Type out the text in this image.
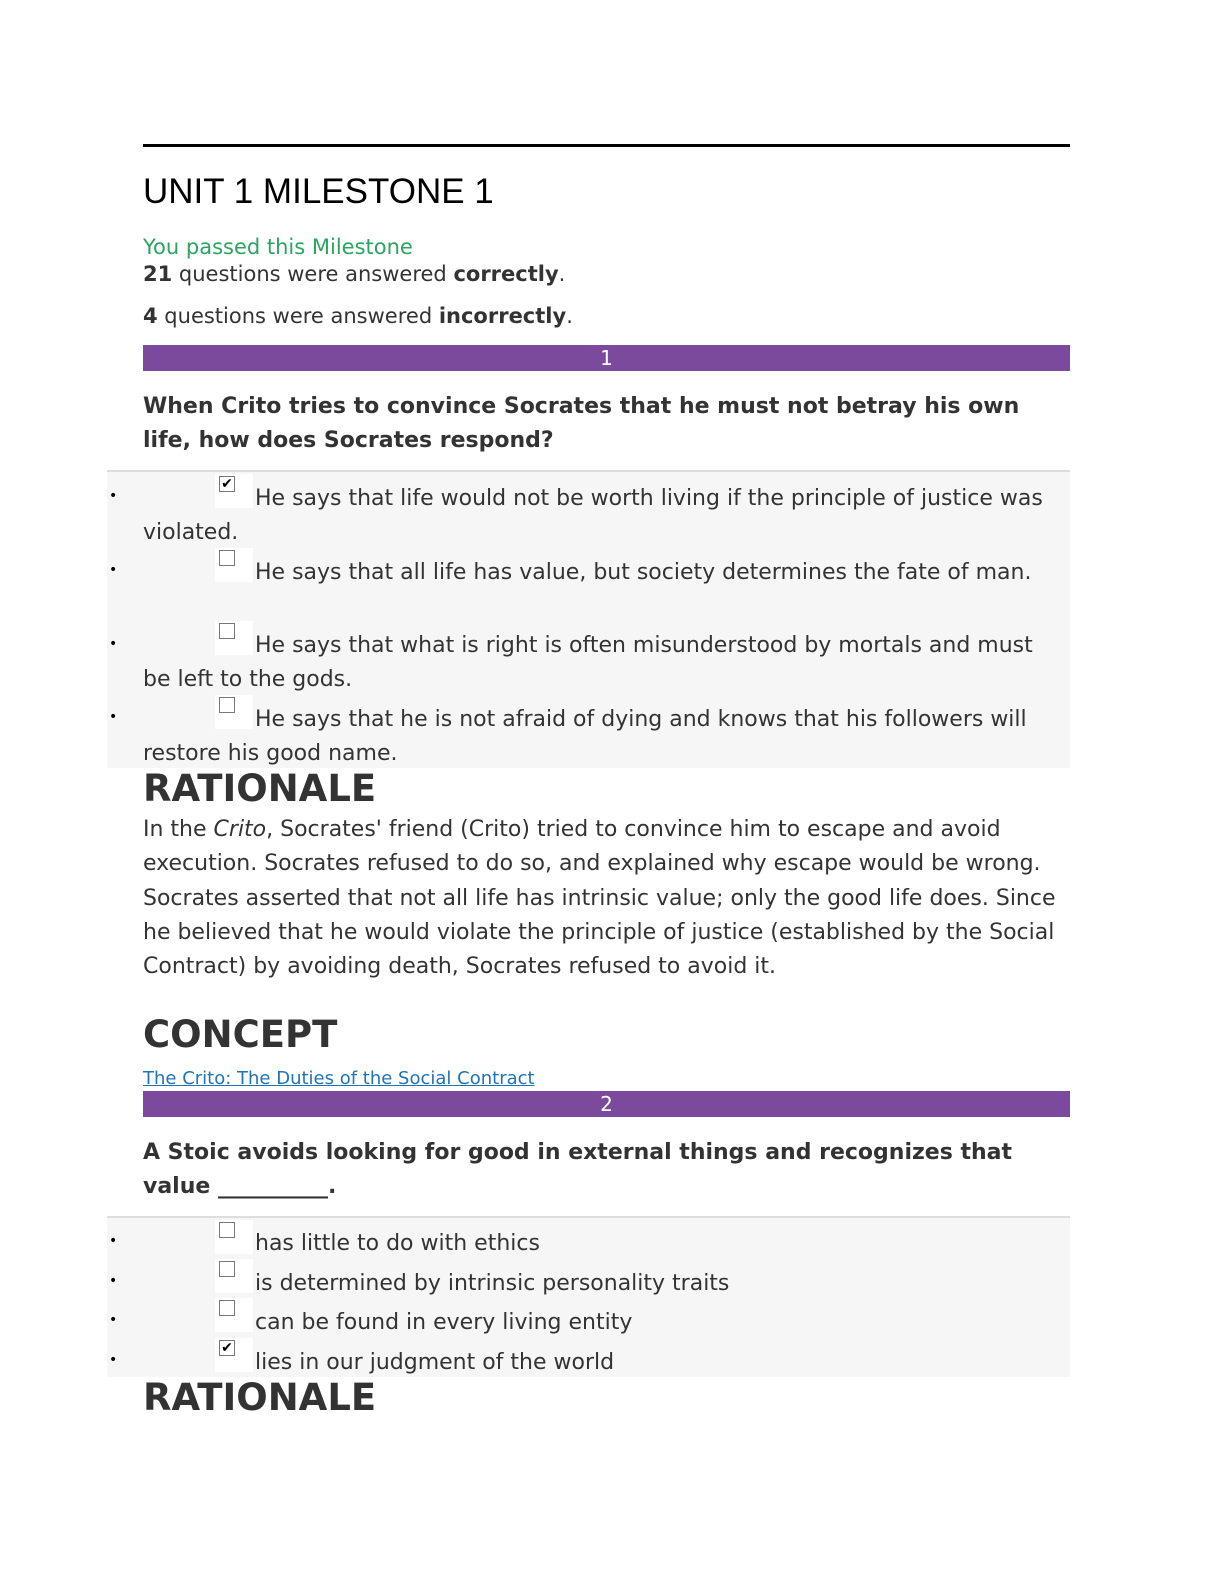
UNIT 1 MILESTONE 1
You passed this Milestone
21 questions were answered correctly.
4 questions were answered incorrectly.
1

When Crito tries to convince Socrates that he must not betray his own life, how does Socrates respond?

•
✔

He says that life would not be worth living if the principle of justice was violated.

•	He says that all life has value, but society determines the fate of man.

•	He says that what is right is often misunderstood by mortals and must be left to the gods.

•	He says that he is not afraid of dying and knows that his followers will restore his good name.

RATIONALE

In the Crito, Socrates' friend (Crito) tried to convince him to escape and avoid execution. Socrates refused to do so, and explained why escape would be wrong. Socrates asserted that not all life has intrinsic value; only the good life does. Since he believed that he would violate the principle of justice (established by the Social Contract) by avoiding death, Socrates refused to avoid it.

CONCEPT
The Crito: The Duties of the Social Contract
2

A Stoic avoids looking for good in external things and recognizes that value __________.

•	has little to do with ethics

•	is determined by intrinsic personality traits

•	can be found in every living entity

•
✔

lies in our judgment of the world

RATIONALE
